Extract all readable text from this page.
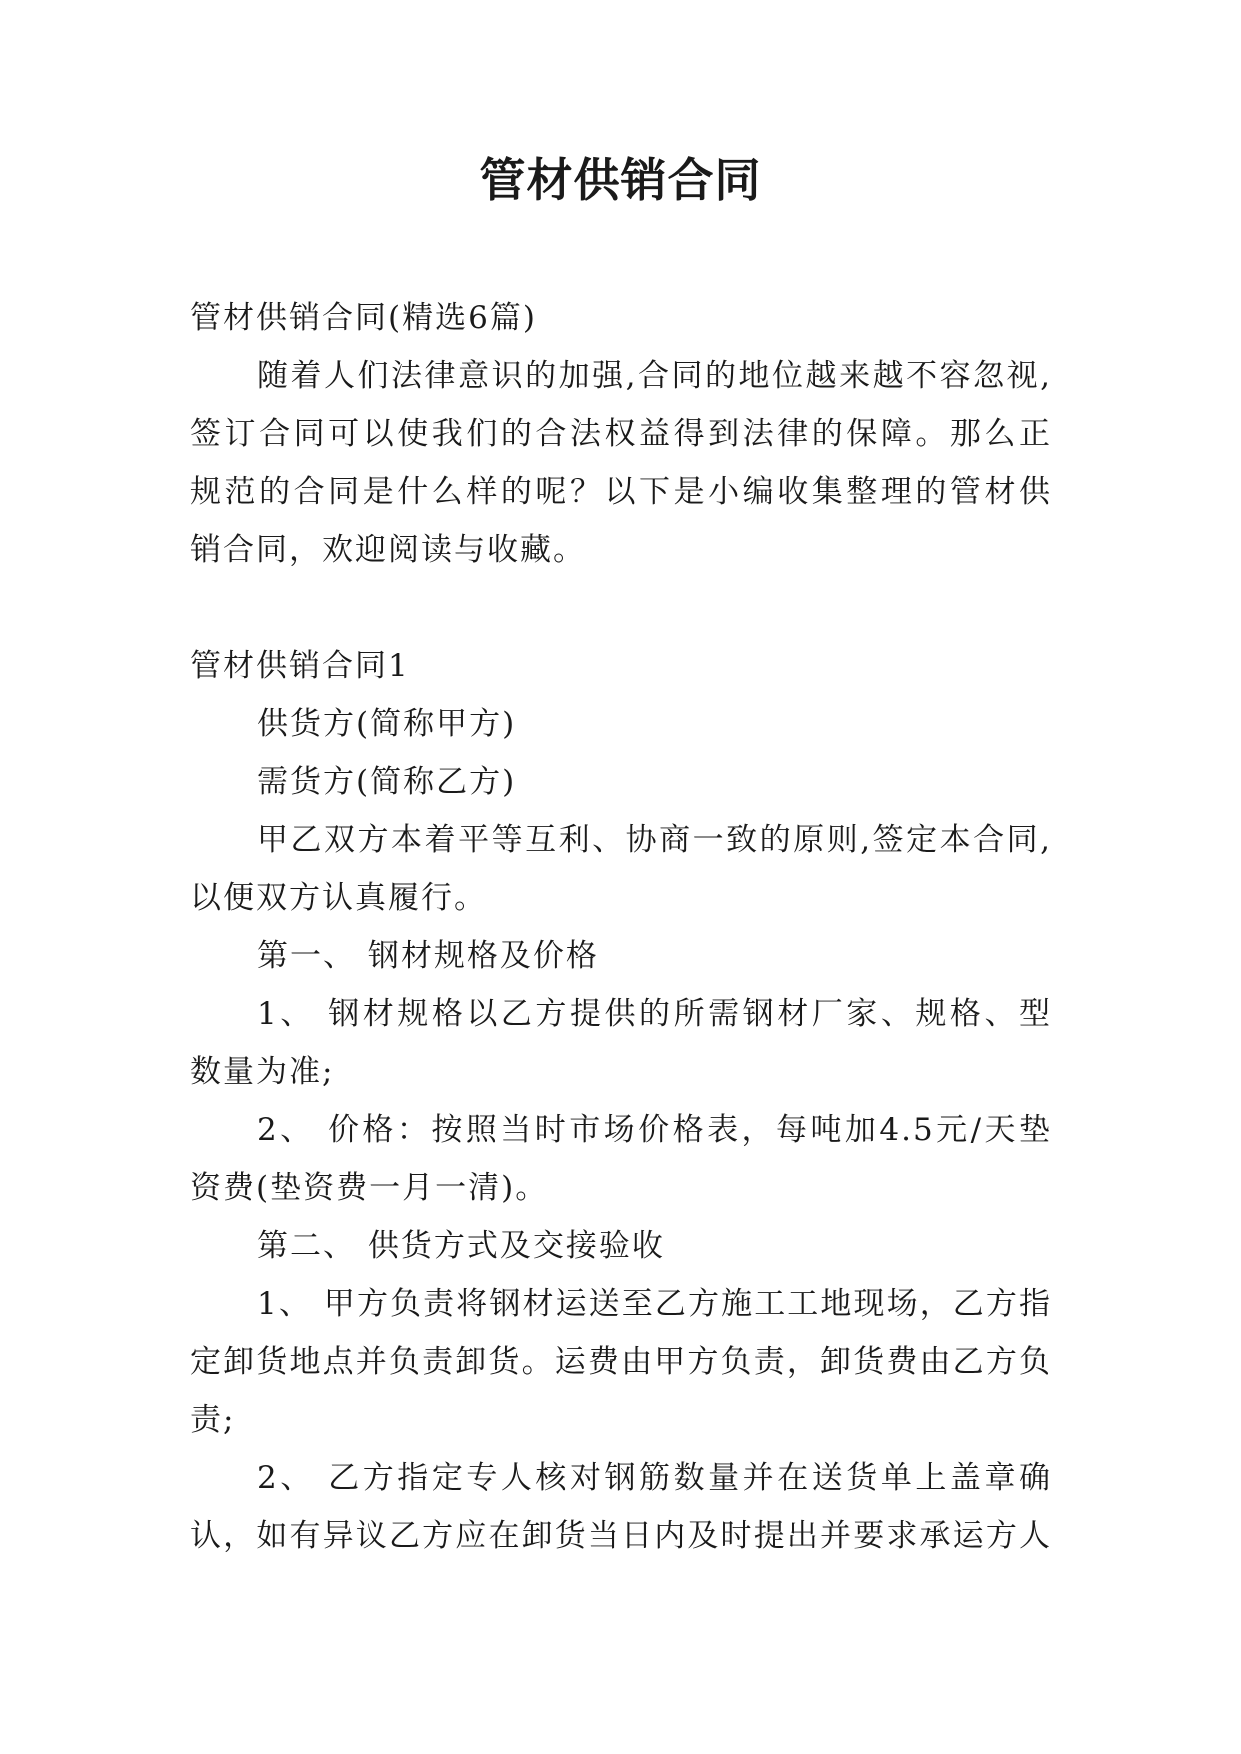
管材供销合同
管材供销合同(精选6篇)
随着人们法律意识的加强,合同的地位越来越不容忽视,
签订合同可以使我们的合法权益得到法律的保障。那么正
规范的合同是什么样的呢？以下是小编收集整理的管材供
销合同，欢迎阅读与收藏。
管材供销合同1
供货方(简称甲方)
需货方(简称乙方)
甲乙双方本着平等互利、协商一致的原则,签定本合同,
以便双方认真履行。
第一、 钢材规格及价格
1、 钢材规格以乙方提供的所需钢材厂家、规格、型
数量为准;
2、 价格：按照当时市场价格表，每吨加4.5元/天垫
资费(垫资费一月一清)。
第二、 供货方式及交接验收
1、 甲方负责将钢材运送至乙方施工工地现场，乙方指
定卸货地点并负责卸货。运费由甲方负责，卸货费由乙方负
责;
2、 乙方指定专人核对钢筋数量并在送货单上盖章确
认，如有异议乙方应在卸货当日内及时提出并要求承运方人
